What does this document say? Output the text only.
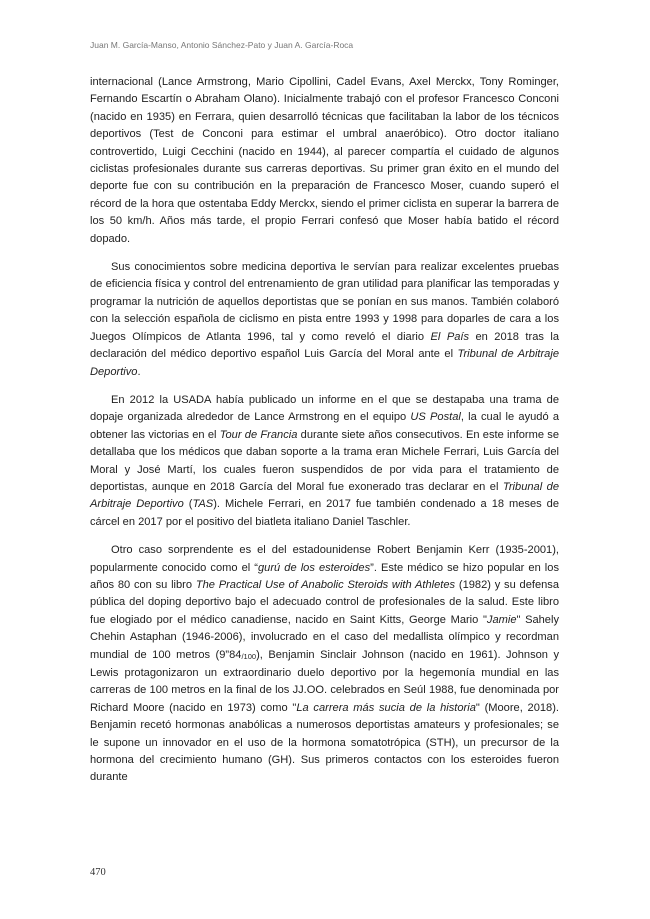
Juan M. García-Manso, Antonio Sánchez-Pato y Juan A. García-Roca

internacional (Lance Armstrong, Mario Cipollini, Cadel Evans, Axel Merckx, Tony Rominger, Fernando Escartín o Abraham Olano). Inicialmente trabajó con el profesor Francesco Conconi (nacido en 1935) en Ferrara, quien desarrolló técnicas que facilitaban la labor de los técnicos deportivos (Test de Conconi para estimar el umbral anaeróbico). Otro doctor italiano controvertido, Luigi Cecchini (nacido en 1944), al parecer compartía el cuidado de algunos ciclistas profesionales durante sus carreras deportivas. Su primer gran éxito en el mundo del deporte fue con su contribución en la preparación de Francesco Moser, cuando superó el récord de la hora que ostentaba Eddy Merckx, siendo el primer ciclista en superar la barrera de los 50 km/h. Años más tarde, el propio Ferrari confesó que Moser había batido el récord dopado.

Sus conocimientos sobre medicina deportiva le servían para realizar excelentes pruebas de eficiencia física y control del entrenamiento de gran utilidad para planificar las temporadas y programar la nutrición de aquellos deportistas que se ponían en sus manos. También colaboró con la selección española de ciclismo en pista entre 1993 y 1998 para doparles de cara a los Juegos Olímpicos de Atlanta 1996, tal y como reveló el diario El País en 2018 tras la declaración del médico deportivo español Luis García del Moral ante el Tribunal de Arbitraje Deportivo.

En 2012 la USADA había publicado un informe en el que se destapaba una trama de dopaje organizada alrededor de Lance Armstrong en el equipo US Postal, la cual le ayudó a obtener las victorias en el Tour de Francia durante siete años consecutivos. En este informe se detallaba que los médicos que daban soporte a la trama eran Michele Ferrari, Luis García del Moral y José Martí, los cuales fueron suspendidos de por vida para el tratamiento de deportistas, aunque en 2018 García del Moral fue exonerado tras declarar en el Tribunal de Arbitraje Deportivo (TAS). Michele Ferrari, en 2017 fue también condenado a 18 meses de cárcel en 2017 por el positivo del biatleta italiano Daniel Taschler.

Otro caso sorprendente es el del estadounidense Robert Benjamin Kerr (1935-2001), popularmente conocido como el “gurú de los esteroides”. Este médico se hizo popular en los años 80 con su libro The Practical Use of Anabolic Steroids with Athletes (1982) y su defensa pública del doping deportivo bajo el adecuado control de profesionales de la salud. Este libro fue elogiado por el médico canadiense, nacido en Saint Kitts, George Mario "Jamie" Sahely Chehin Astaphan (1946-2006), involucrado en el caso del medallista olímpico y recordman mundial de 100 metros (9”84/100), Benjamin Sinclair Johnson (nacido en 1961). Johnson y Lewis protagonizaron un extraordinario duelo deportivo por la hegemonía mundial en las carreras de 100 metros en la final de los JJ.OO. celebrados en Seúl 1988, fue denominada por Richard Moore (nacido en 1973) como "La carrera más sucia de la historia" (Moore, 2018). Benjamin recetó hormonas anabólicas a numerosos deportistas amateurs y profesionales; se le supone un innovador en el uso de la hormona somatotrópica (STH), un precursor de la hormona del crecimiento humano (GH). Sus primeros contactos con los esteroides fueron durante

470
